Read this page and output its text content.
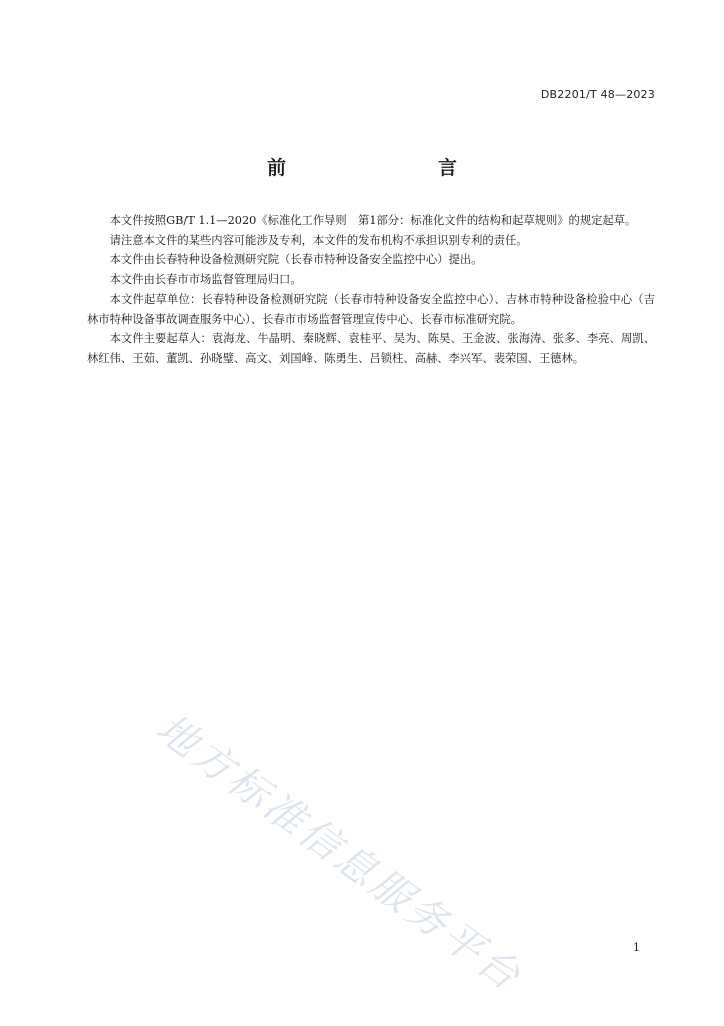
DB2201/T 48—2023
前　　言

本文件按照GB/T 1.1—2020《标准化工作导则　第1部分：标准化文件的结构和起草规则》的规定起草。

请注意本文件的某些内容可能涉及专利，本文件的发布机构不承担识别专利的责任。

本文件由长春特种设备检测研究院（长春市特种设备安全监控中心）提出。

本文件由长春市市场监督管理局归口。

本文件起草单位：长春特种设备检测研究院（长春市特种设备安全监控中心）、吉林市特种设备检验中心（吉林市特种设备事故调查服务中心）、长春市市场监督管理宣传中心、长春市标准研究院。

本文件主要起草人：袁海龙、牛晶明、秦晓辉、袁桂平、吴为、陈昊、王金波、张海涛、张多、李亮、周凯、林红伟、王茹、董凯、孙晓璧、高文、刘国峰、陈勇生、吕锁柱、高赫、李兴军、裴荣国、王德林。

地方标准信息服务平台	1
